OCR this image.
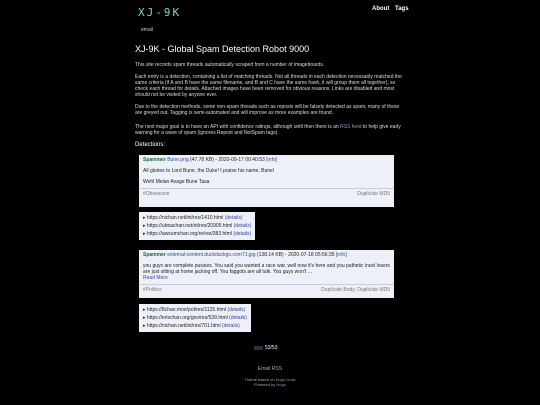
XJ-9K
email
About Tags
XJ-9K - Global Spam Detection Robot 9000

This site records spam threads automatically scraped from a number of imageboards.

Each entry is a detection, containing a list of matching threads. Not all threads in each detection necessarily matched the same criteria (if A and B have the same filename, and B and C have the same hash, it will group them all together), so check each thread for details. Attached images have been removed for obvious reasons. Links are disabled and most should not be visited by anyone ever.

Due to the detection methods, some non-spam threads such as reposts will be falsely detected as spam, many of these are greyed out. Tagging is semi-automated and will improve as more examples are found.

The next major goal is to have an API with confidence ratings, although until then there is an RSS feed to help give early warning for a wave of spam (ignores Repost and NotSpam tags).

Detections:
Spammer Bune.png (47.78 KB) - 2020-09-17 00:40:53 [info]
All glories to Lord Bune, the Duke! I praise his name, Bune!
Wehl Melan Avage Bune Tasa
#Obsession	Duplicate MD5
▸ https://nichan.net/int/res/1410.html (details)
▸ https://uboachan.net/ot/res/20905.html (details)
▸ https://awsumchan.org/re/res/383.html (details)
Spammer external-content.duckduckgo.com71.jpg (138.14 KB) - 2020-07-18 05:56:35 [info]
you guys are complete pussies. You said you wanted a race war, well now it's here and you pathetic incel losers are just sitting at home jacking off. You faggots are all talk. You guys won't …
Read More
#Politics	Duplicate Body, Duplicate MD5
▸ https://8chan.moe/pol/res/1125.html (details)
▸ https://erischan.org/gov/res/539.html (details)
▸ https://nichan.net/int/res/701.html (details)
53/53
Email RSS
Theme based on Hugo Dusk
Powered by Hugo
